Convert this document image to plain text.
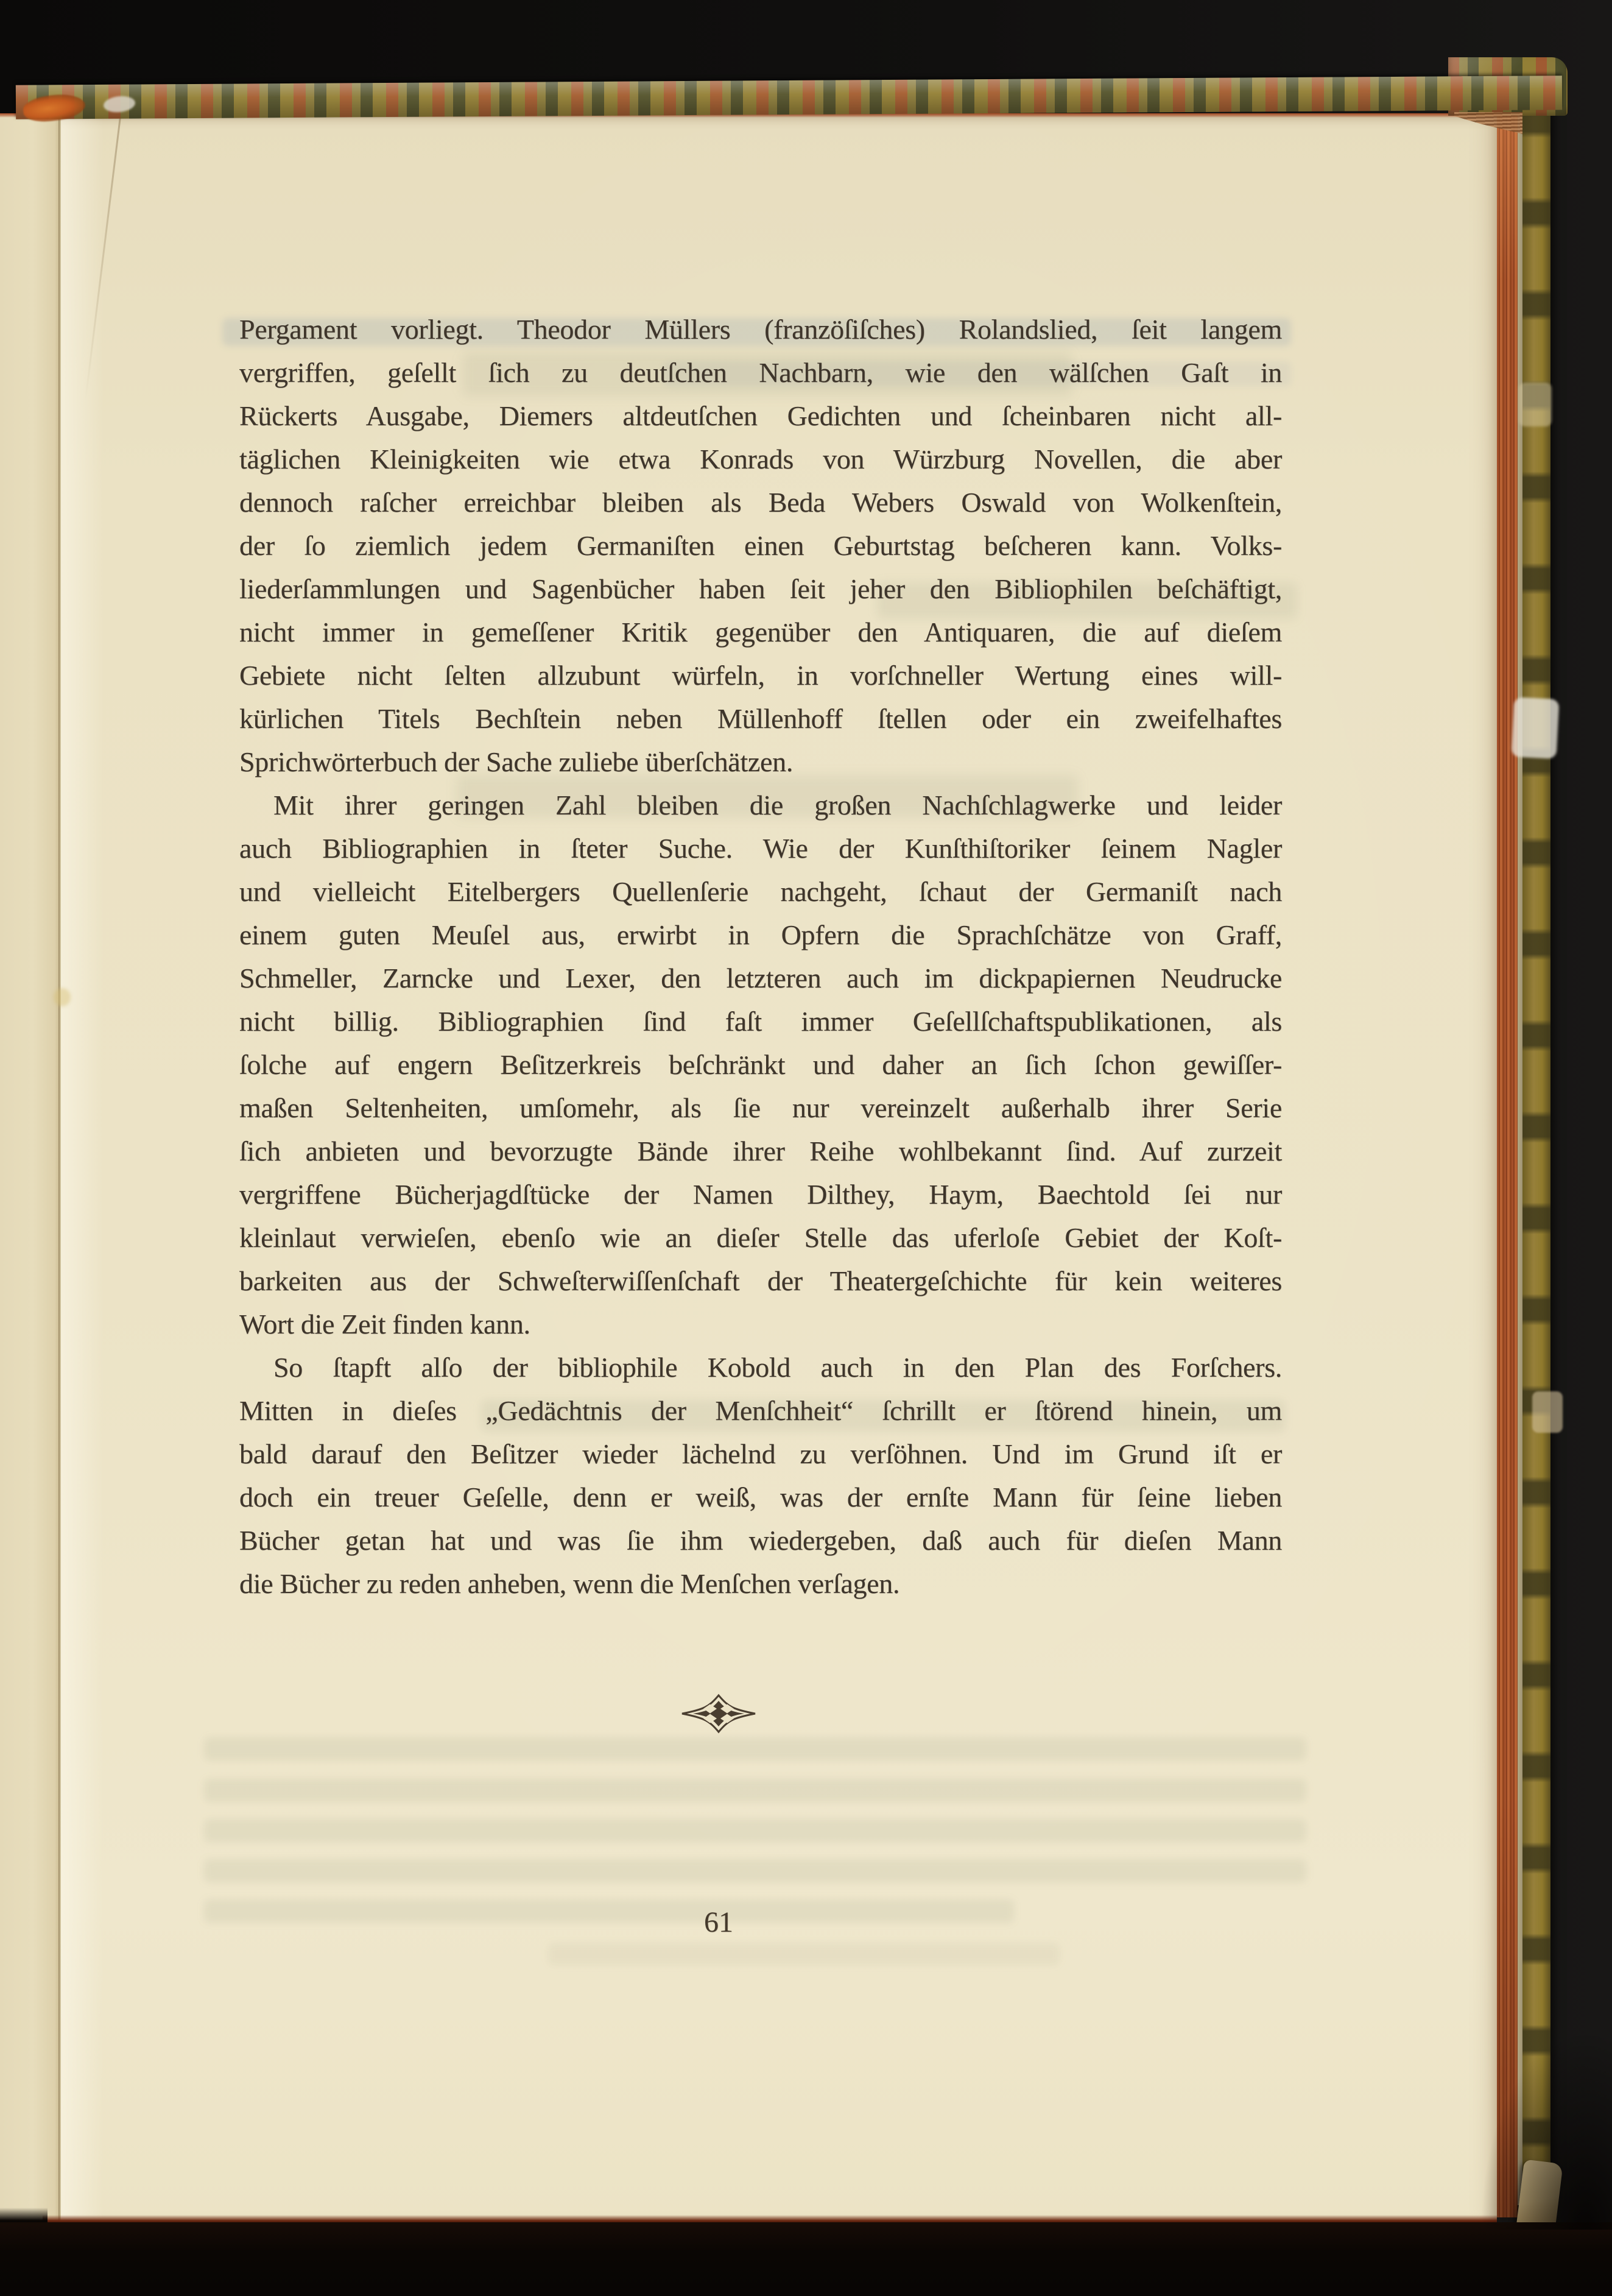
Pergament vorliegt. Theodor Müllers (franzöſiſches) Rolandslied, ſeit langem
vergriffen, geſellt ſich zu deutſchen Nachbarn, wie den wälſchen Gaſt in
Rückerts Ausgabe, Diemers altdeutſchen Gedichten und ſcheinbaren nicht all-
täglichen Kleinigkeiten wie etwa Konrads von Würzburg Novellen, die aber
dennoch raſcher erreichbar bleiben als Beda Webers Oswald von Wolkenſtein,
der ſo ziemlich jedem Germaniſten einen Geburtstag beſcheren kann. Volks-
liederſammlungen und Sagenbücher haben ſeit jeher den Bibliophilen beſchäftigt,
nicht immer in gemeſſener Kritik gegenüber den Antiquaren, die auf dieſem
Gebiete nicht ſelten allzubunt würfeln, in vorſchneller Wertung eines will-
kürlichen Titels Bechſtein neben Müllenhoff ſtellen oder ein zweifelhaftes
Sprichwörterbuch der Sache zuliebe überſchätzen.
Mit ihrer geringen Zahl bleiben die großen Nachſchlagwerke und leider
auch Bibliographien in ſteter Suche. Wie der Kunſthiſtoriker ſeinem Nagler
und vielleicht Eitelbergers Quellenſerie nachgeht, ſchaut der Germaniſt nach
einem guten Meuſel aus, erwirbt in Opfern die Sprachſchätze von Graff,
Schmeller, Zarncke und Lexer, den letzteren auch im dickpapiernen Neudrucke
nicht billig. Bibliographien ſind faſt immer Geſellſchaftspublikationen, als
ſolche auf engern Beſitzerkreis beſchränkt und daher an ſich ſchon gewiſſer-
maßen Seltenheiten, umſomehr, als ſie nur vereinzelt außerhalb ihrer Serie
ſich anbieten und bevorzugte Bände ihrer Reihe wohlbekannt ſind. Auf zurzeit
vergriffene Bücherjagdſtücke der Namen Dilthey, Haym, Baechtold ſei nur
kleinlaut verwieſen, ebenſo wie an dieſer Stelle das uferloſe Gebiet der Koſt-
barkeiten aus der Schweſterwiſſenſchaft der Theatergeſchichte für kein weiteres
Wort die Zeit finden kann.
So ſtapft alſo der bibliophile Kobold auch in den Plan des Forſchers.
Mitten in dieſes „Gedächtnis der Menſchheit“ ſchrillt er ſtörend hinein, um
bald darauf den Beſitzer wieder lächelnd zu verſöhnen. Und im Grund iſt er
doch ein treuer Geſelle, denn er weiß, was der ernſte Mann für ſeine lieben
Bücher getan hat und was ſie ihm wiedergeben, daß auch für dieſen Mann
die Bücher zu reden anheben, wenn die Menſchen verſagen.
61
